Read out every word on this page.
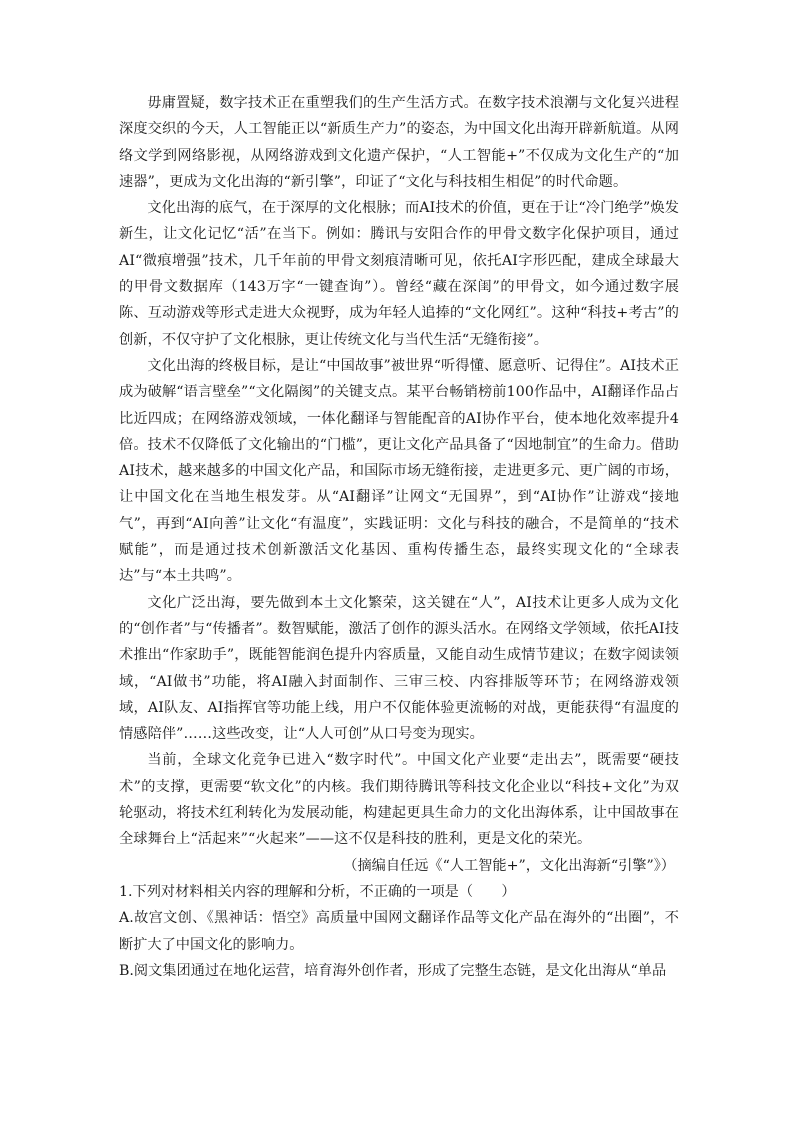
毋庸置疑，数字技术正在重塑我们的生产生活方式。在数字技术浪潮与文化复兴进程深度交织的今天，人工智能正以“新质生产力”的姿态，为中国文化出海开辟新航道。从网络文学到网络影视，从网络游戏到文化遗产保护，“人工智能+”不仅成为文化生产的“加速器”，更成为文化出海的“新引擎”，印证了“文化与科技相生相促”的时代命题。

文化出海的底气，在于深厚的文化根脉；而AI技术的价值，更在于让“冷门绝学”焕发新生，让文化记忆“活”在当下。例如：腾讯与安阳合作的甲骨文数字化保护项目，通过AI“微痕增强”技术，几千年前的甲骨文刻痕清晰可见，依托AI字形匹配，建成全球最大的甲骨文数据库（143万字“一键查询”）。曾经“藏在深闺”的甲骨文，如今通过数字展陈、互动游戏等形式走进大众视野，成为年轻人追捧的“文化网红”。这种“科技+考古”的创新，不仅守护了文化根脉，更让传统文化与当代生活“无缝衔接”。

文化出海的终极目标，是让“中国故事”被世界“听得懂、愿意听、记得住”。AI技术正成为破解“语言壁垒”“文化隔阂”的关键支点。某平台畅销榜前100作品中，AI翻译作品占比近四成；在网络游戏领域，一体化翻译与智能配音的AI协作平台，使本地化效率提升4倍。技术不仅降低了文化输出的“门槛”，更让文化产品具备了“因地制宜”的生命力。借助AI技术，越来越多的中国文化产品，和国际市场无缝衔接，走进更多元、更广阔的市场，让中国文化在当地生根发芽。从“AI翻译”让网文“无国界”，到“AI协作”让游戏“接地气”，再到“AI向善”让文化“有温度”，实践证明：文化与科技的融合，不是简单的“技术赋能”，而是通过技术创新激活文化基因、重构传播生态，最终实现文化的“全球表达”与“本土共鸣”。

文化广泛出海，要先做到本土文化繁荣，这关键在“人”，AI技术让更多人成为文化的“创作者”与“传播者”。数智赋能，激活了创作的源头活水。在网络文学领域，依托AI技术推出“作家助手”，既能智能润色提升内容质量，又能自动生成情节建议；在数字阅读领域，“AI做书”功能，将AI融入封面制作、三审三校、内容排版等环节；在网络游戏领域，AI队友、AI指挥官等功能上线，用户不仅能体验更流畅的对战，更能获得“有温度的情感陪伴”……这些改变，让“人人可创”从口号变为现实。

当前，全球文化竞争已进入“数字时代”。中国文化产业要“走出去”，既需要“硬技术”的支撑，更需要“软文化”的内核。我们期待腾讯等科技文化企业以“科技+文化”为双轮驱动，将技术红利转化为发展动能，构建起更具生命力的文化出海体系，让中国故事在全球舞台上“活起来”“火起来”——这不仅是科技的胜利，更是文化的荣光。

（摘编自任远《“人工智能+”，文化出海新“引擎”》）

1.下列对材料相关内容的理解和分析，不正确的一项是（　　）

A.故宫文创、《黑神话：悟空》高质量中国网文翻译作品等文化产品在海外的“出圈”，不断扩大了中国文化的影响力。

B.阅文集团通过在地化运营，培育海外创作者，形成了完整生态链，是文化出海从“单品
